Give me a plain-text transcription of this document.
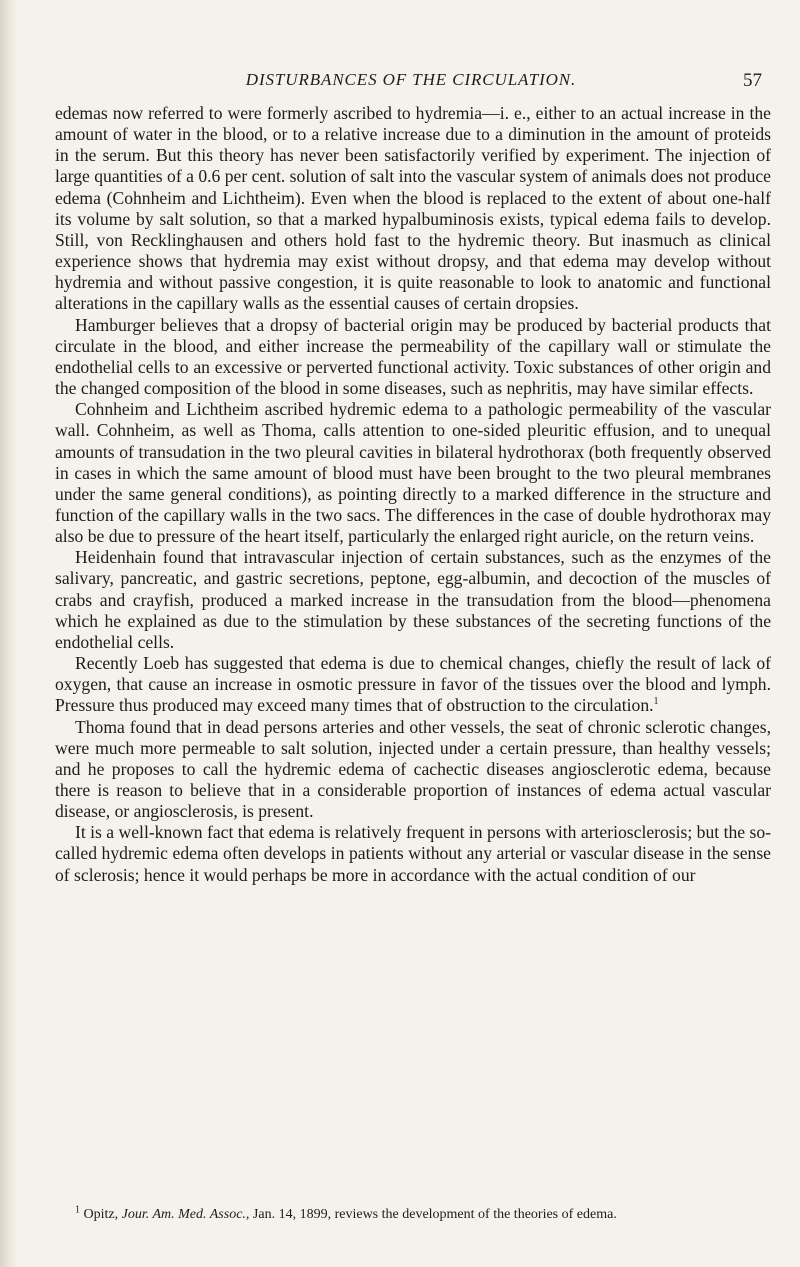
DISTURBANCES OF THE CIRCULATION.	57

edemas now referred to were formerly ascribed to hydremia—i. e., either to an actual increase in the amount of water in the blood, or to a relative increase due to a diminution in the amount of proteids in the serum. But this theory has never been satisfactorily verified by experiment. The injection of large quantities of a 0.6 per cent. solution of salt into the vascular system of animals does not produce edema (Cohnheim and Lichtheim). Even when the blood is replaced to the extent of about one-half its volume by salt solution, so that a marked hypalbuminosis exists, typical edema fails to develop. Still, von Recklinghausen and others hold fast to the hydremic theory. But inasmuch as clinical experience shows that hydremia may exist without dropsy, and that edema may develop without hydremia and without passive congestion, it is quite reasonable to look to anatomic and functional alterations in the capillary walls as the essential causes of certain dropsies.

Hamburger believes that a dropsy of bacterial origin may be produced by bacterial products that circulate in the blood, and either increase the permeability of the capillary wall or stimulate the endothelial cells to an excessive or perverted functional activity. Toxic substances of other origin and the changed composition of the blood in some diseases, such as nephritis, may have similar effects.

Cohnheim and Lichtheim ascribed hydremic edema to a pathologic permeability of the vascular wall. Cohnheim, as well as Thoma, calls attention to one-sided pleuritic effusion, and to unequal amounts of transudation in the two pleural cavities in bilateral hydrothorax (both frequently observed in cases in which the same amount of blood must have been brought to the two pleural membranes under the same general conditions), as pointing directly to a marked difference in the structure and function of the capillary walls in the two sacs. The differences in the case of double hydrothorax may also be due to pressure of the heart itself, particularly the enlarged right auricle, on the return veins.

Heidenhain found that intravascular injection of certain substances, such as the enzymes of the salivary, pancreatic, and gastric secretions, peptone, egg-albumin, and decoction of the muscles of crabs and crayfish, produced a marked increase in the transudation from the blood—phenomena which he explained as due to the stimulation by these substances of the secreting functions of the endothelial cells.

Recently Loeb has suggested that edema is due to chemical changes, chiefly the result of lack of oxygen, that cause an increase in osmotic pressure in favor of the tissues over the blood and lymph. Pressure thus produced may exceed many times that of obstruction to the circulation.$^1$

Thoma found that in dead persons arteries and other vessels, the seat of chronic sclerotic changes, were much more permeable to salt solution, injected under a certain pressure, than healthy vessels; and he proposes to call the hydremic edema of cachectic diseases angiosclerotic edema, because there is reason to believe that in a considerable proportion of instances of edema actual vascular disease, or angiosclerosis, is present.

It is a well-known fact that edema is relatively frequent in persons with arteriosclerosis; but the so-called hydremic edema often develops in patients without any arterial or vascular disease in the sense of sclerosis; hence it would perhaps be more in accordance with the actual condition of our

$^1$ Opitz, Jour. Am. Med. Assoc., Jan. 14, 1899, reviews the development of the theories of edema.
